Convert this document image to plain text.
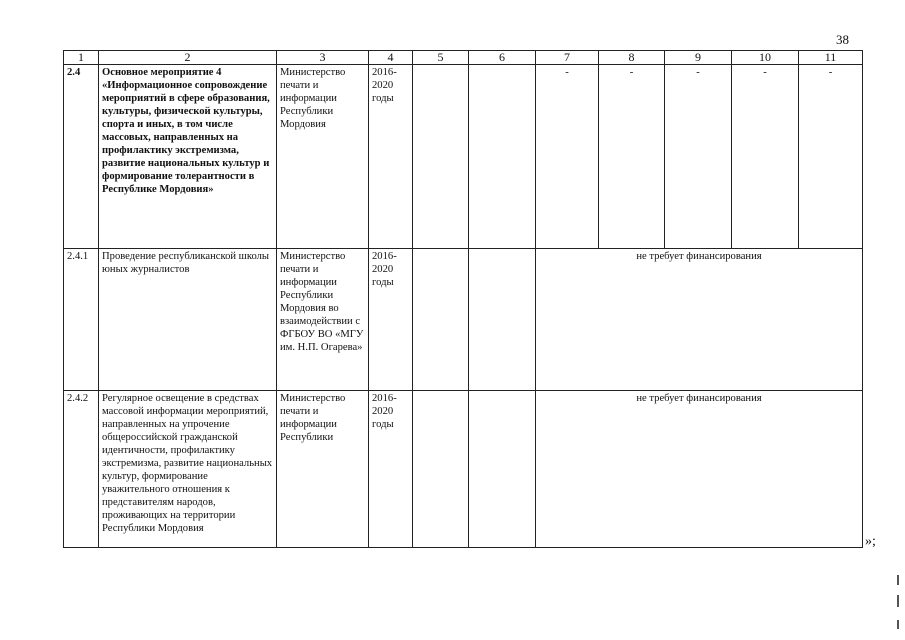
38
1	2	3	4	5	6	7	8	9	10	11
2.4	Основное мероприятие 4 «Информационное сопровождение мероприятий в сфере образования, культуры, физической культуры, спорта и иных, в том числе массовых, направленных на профилактику экстремизма, развитие национальных культур и формирование толерантности в Республике Мордовия»	Министерство печати и информации Республики Мордовия	2016-2020 годы			-	-	-	-	-
2.4.1	Проведение республиканской школы юных журналистов	Министерство печати и информации Республики Мордовия во взаимодействии с ФГБОУ ВО «МГУ им. Н.П. Огарева»	2016-2020 годы			не требует финансирования				
2.4.2	Регулярное освещение в средствах массовой информации мероприятий, направленных на упрочение общероссийской гражданской идентичности, профилактику экстремизма, развитие национальных культур, формирование уважительного отношения к представителям народов, проживающих на территории Республики Мордовия	Министерство печати и информации Республики	2016-2020 годы			не требует финансирования				
»;
